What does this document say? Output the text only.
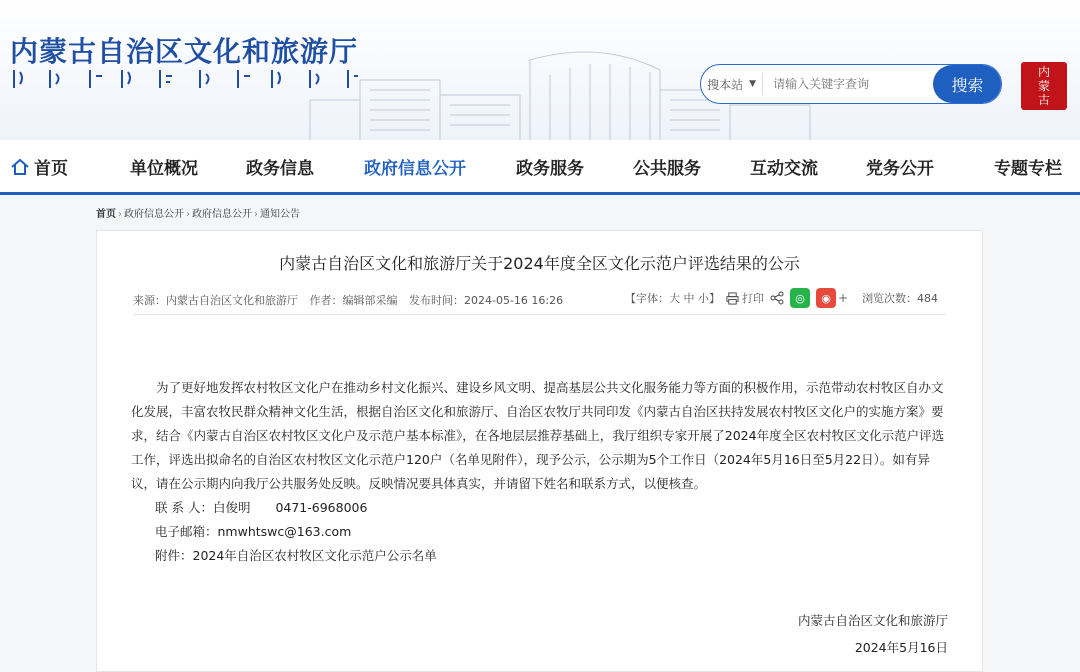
内蒙古自治区文化和旅游厅
搜本站 ▼
请输入关键字查询	搜索
内
蒙
古
首页	单位概况	政务信息	政府信息公开	政务服务	公共服务	互动交流	党务公开	专题专栏
首页 › 政府信息公开 › 政府信息公开 › 通知公告
内蒙古自治区文化和旅游厅关于2024年度全区文化示范户评选结果的公示
来源：内蒙古自治区文化和旅游厅 作者：编辑部采编 发布时间：2024-05-16 16:26	【字体：大 中 小】 打印	◎	◉ + 浏览次数：484

为了更好地发挥农村牧区文化户在推动乡村文化振兴、建设乡风文明、提高基层公共文化服务能力等方面的积极作用，示范带动农村牧区自办文化发展，丰富农牧民群众精神文化生活，根据自治区文化和旅游厅、自治区农牧厅共同印发《内蒙古自治区扶持发展农村牧区文化户的实施方案》要求，结合《内蒙古自治区农村牧区文化户及示范户基本标准》，在各地层层推荐基础上，我厅组织专家开展了2024年度全区农村牧区文化示范户评选工作，评选出拟命名的自治区农村牧区文化示范户120户（名单见附件），现予公示，公示期为5个工作日（2024年5月16日至5月22日）。如有异议，请在公示期内向我厅公共服务处反映。反映情况要具体真实，并请留下姓名和联系方式，以便核查。

联 系 人：白俊明　　0471-6968006
电子邮箱：nmwhtswc@163.com
附件：2024年自治区农村牧区文化示范户公示名单
内蒙古自治区文化和旅游厅
2024年5月16日
